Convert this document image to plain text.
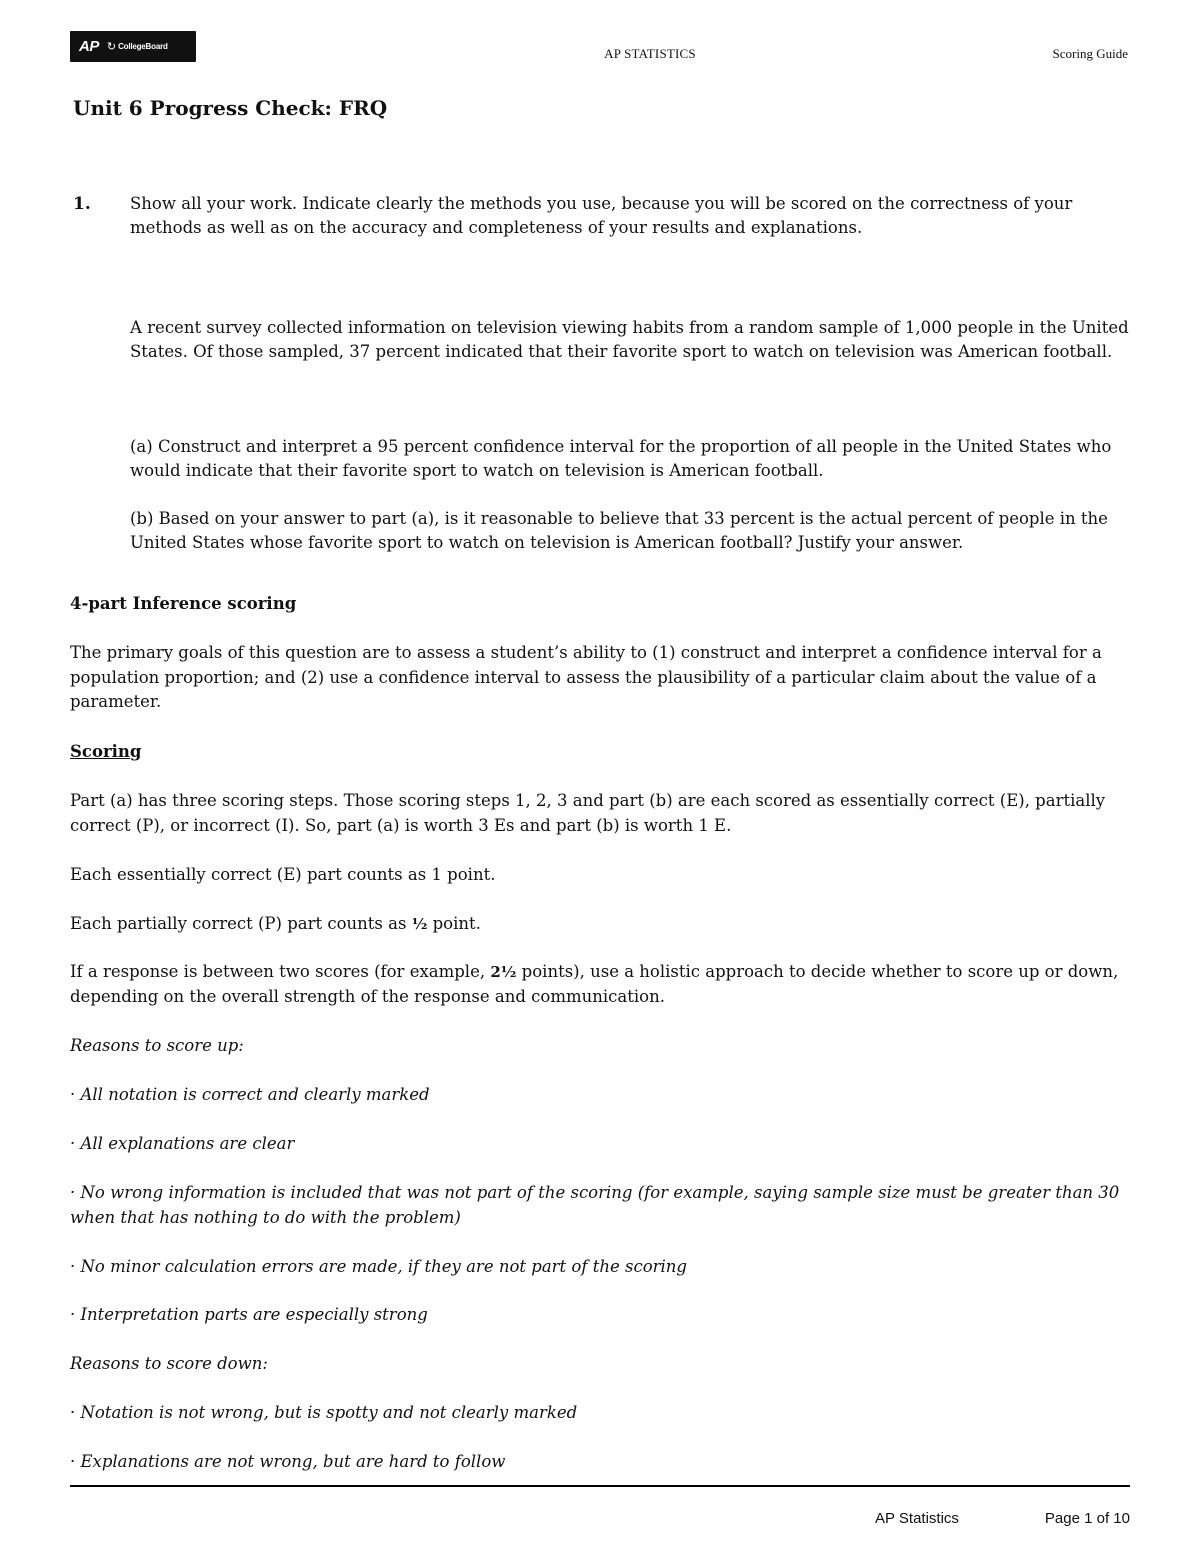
AP ↻ CollegeBoard	AP STATISTICS	Scoring Guide
Unit 6 Progress Check: FRQ
1. Show all your work. Indicate clearly the methods you use, because you will be scored on the correctness of your methods as well as on the accuracy and completeness of your results and explanations.
A recent survey collected information on television viewing habits from a random sample of 1,000 people in the United States. Of those sampled, 37 percent indicated that their favorite sport to watch on television was American football.
(a) Construct and interpret a 95 percent confidence interval for the proportion of all people in the United States who would indicate that their favorite sport to watch on television is American football.
(b) Based on your answer to part (a), is it reasonable to believe that 33 percent is the actual percent of people in the United States whose favorite sport to watch on television is American football? Justify your answer.
4-part Inference scoring
The primary goals of this question are to assess a student’s ability to (1) construct and interpret a confidence interval for a population proportion; and (2) use a confidence interval to assess the plausibility of a particular claim about the value of a parameter.
Scoring
Part (a) has three scoring steps. Those scoring steps 1, 2, 3 and part (b) are each scored as essentially correct (E), partially correct (P), or incorrect (I). So, part (a) is worth 3 Es and part (b) is worth 1 E.
Each essentially correct (E) part counts as 1 point.
Each partially correct (P) part counts as ½ point.
If a response is between two scores (for example, 2½ points), use a holistic approach to decide whether to score up or down, depending on the overall strength of the response and communication.
Reasons to score up:
· All notation is correct and clearly marked
· All explanations are clear
· No wrong information is included that was not part of the scoring (for example, saying sample size must be greater than 30 when that has nothing to do with the problem)
· No minor calculation errors are made, if they are not part of the scoring
· Interpretation parts are especially strong
Reasons to score down:
· Notation is not wrong, but is spotty and not clearly marked
· Explanations are not wrong, but are hard to follow
AP Statistics	Page 1 of 10
